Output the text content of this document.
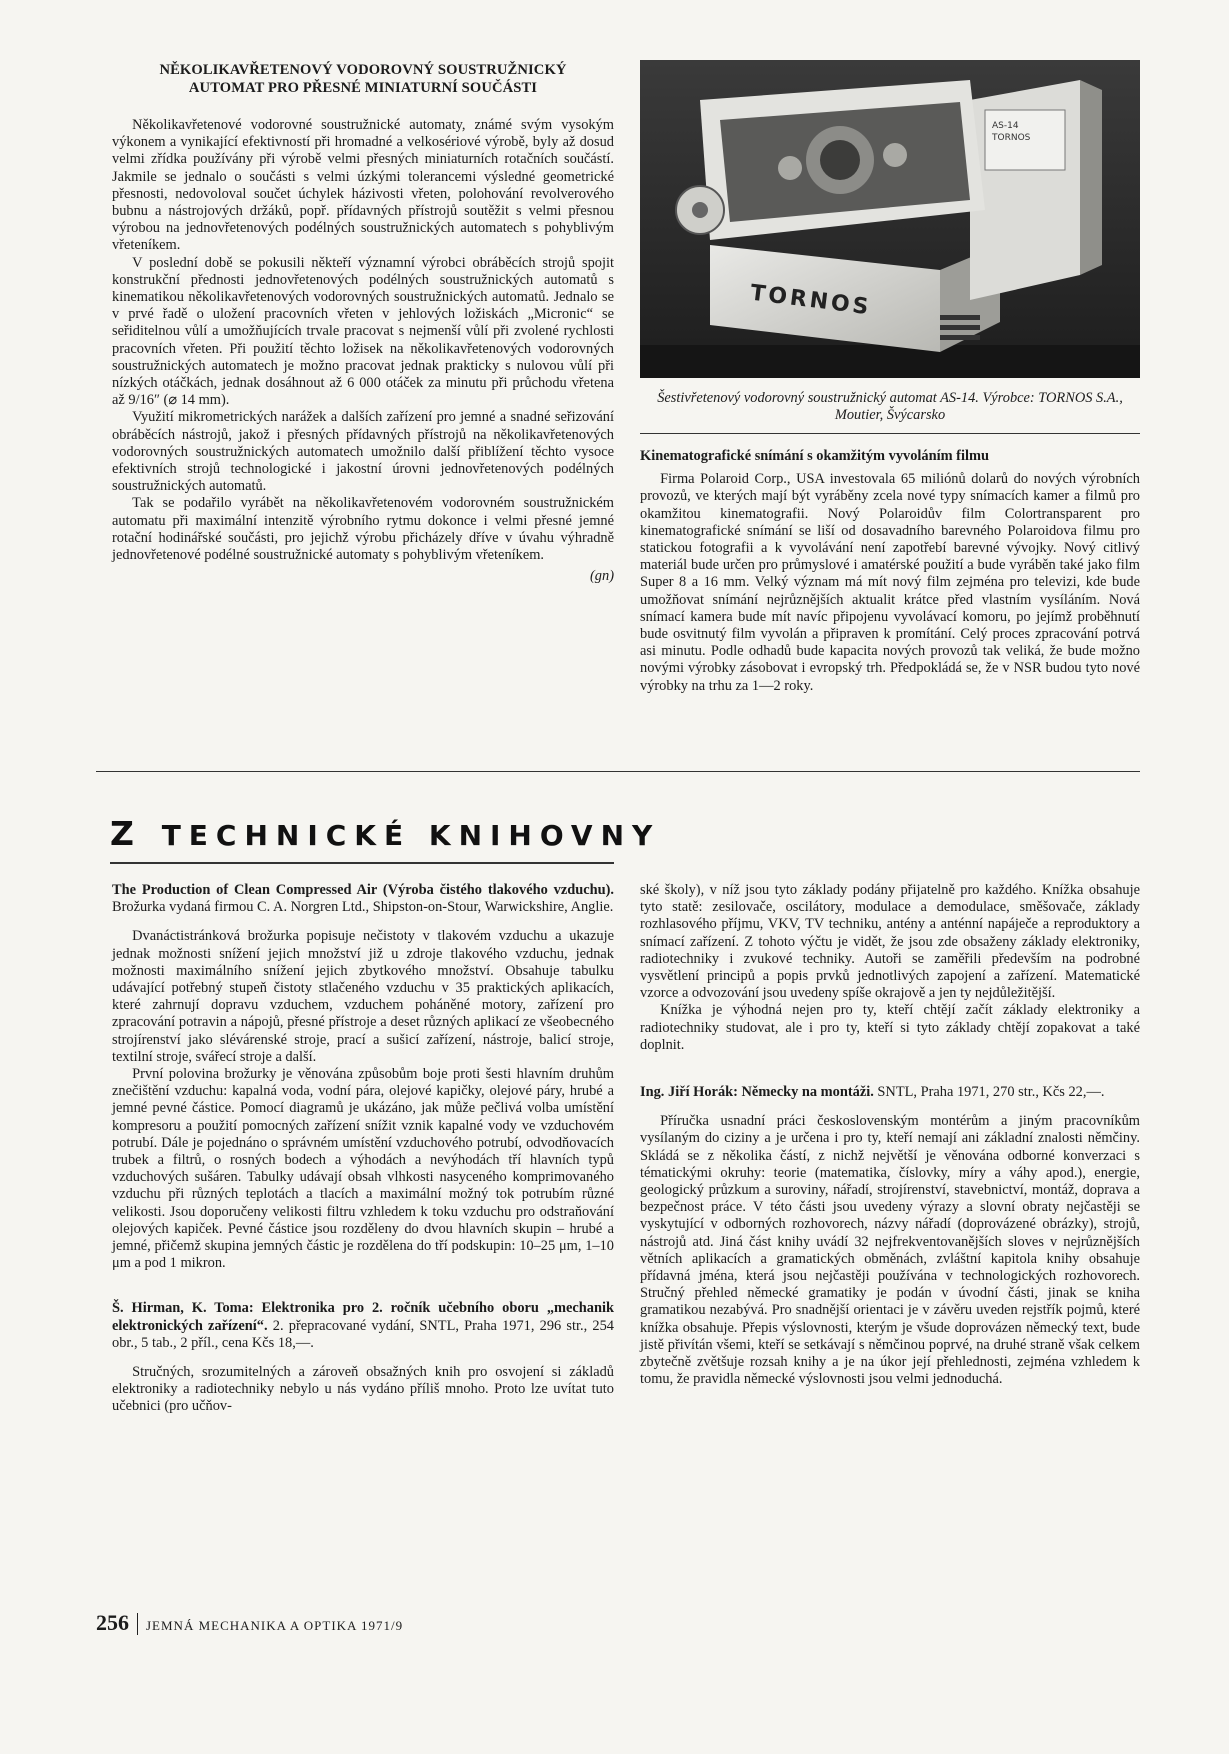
NĚKOLIKAVŘETENOVÝ VODOROVNÝ SOUSTRUŽNICKÝ AUTOMAT PRO PŘESNÉ MINIATURNÍ SOUČÁSTI

Několikavřetenové vodorovné soustružnické automaty, známé svým vysokým výkonem a vynikající efektivností při hromadné a velkosériové výrobě, byly až dosud velmi zřídka používány při výrobě velmi přesných miniaturních rotačních součástí. Jakmile se jednalo o součásti s velmi úzkými tolerancemi výsledné geometrické přesnosti, nedovoloval součet úchylek házivosti vřeten, polohování revolverového bubnu a nástrojových držáků, popř. přídavných přístrojů soutěžit s velmi přesnou výrobou na jednovřetenových podélných soustružnických automatech s pohyblivým vřeteníkem.

V poslední době se pokusili někteří významní výrobci obráběcích strojů spojit konstrukční přednosti jednovřetenových podélných soustružnických automatů s kinematikou několikavřetenových vodorovných soustružnických automatů. Jednalo se v prvé řadě o uložení pracovních vřeten v jehlových ložiskách „Micronic“ se seřiditelnou vůlí a umožňujících trvale pracovat s nejmenší vůlí při zvolené rychlosti pracovních vřeten. Při použití těchto ložisek na několikavřetenových vodorovných soustružnických automatech je možno pracovat jednak prakticky s nulovou vůlí při nízkých otáčkách, jednak dosáhnout až 6 000 otáček za minutu při průchodu vřetena až 9/16″ (⌀ 14 mm).

Využití mikrometrických narážek a dalších zařízení pro jemné a snadné seřizování obráběcích nástrojů, jakož i přesných přídavných přístrojů na několikavřetenových vodorovných soustružnických automatech umožnilo další přiblížení těchto vysoce efektivních strojů technologické i jakostní úrovni jednovřetenových podélných soustružnických automatů.

Tak se podařilo vyrábět na několikavřetenovém vodorovném soustružnickém automatu při maximální intenzitě výrobního rytmu dokonce i velmi přesné jemné rotační hodinářské součásti, pro jejichž výrobu přicházely dříve v úvahu výhradně jednovřetenové podélné soustružnické automaty s pohyblivým vřeteníkem.

(gn)
TORNOS
AS-14 TORNOS
Šestivřetenový vodorovný soustružnický automat AS-14. Výrobce: TORNOS S.A., Moutier, Švýcarsko
Kinematografické snímání s okamžitým vyvoláním filmu

Firma Polaroid Corp., USA investovala 65 miliónů dolarů do nových výrobních provozů, ve kterých mají být vyráběny zcela nové typy snímacích kamer a filmů pro okamžitou kinematografii. Nový Polaroidův film Colortransparent pro kinematografické snímání se liší od dosavadního barevného Polaroidova filmu pro statickou fotografii a k vyvolávání není zapotřebí barevné vývojky. Nový citlivý materiál bude určen pro průmyslové i amatérské použití a bude vyráběn také jako film Super 8 a 16 mm. Velký význam má mít nový film zejména pro televizi, kde bude umožňovat snímání nejrůznějších aktualit krátce před vlastním vysíláním. Nová snímací kamera bude mít navíc připojenu vyvolávací komoru, po jejímž proběhnutí bude osvitnutý film vyvolán a připraven k promítání. Celý proces zpracování potrvá asi minutu. Podle odhadů bude kapacita nových provozů tak veliká, že bude možno novými výrobky zásobovat i evropský trh. Předpokládá se, že v NSR budou tyto nové výrobky na trhu za 1—2 roky.

Z TECHNICKÉ KNIHOVNY
The Production of Clean Compressed Air (Výroba čistého tlakového vzduchu). Brožurka vydaná firmou C. A. Norgren Ltd., Shipston-on-Stour, Warwickshire, Anglie.

Dvanáctistránková brožurka popisuje nečistoty v tlakovém vzduchu a ukazuje jednak možnosti snížení jejich množství již u zdroje tlakového vzduchu, jednak možnosti maximálního snížení jejich zbytkového množství. Obsahuje tabulku udávající potřebný stupeň čistoty stlačeného vzduchu v 35 praktických aplikacích, které zahrnují dopravu vzduchem, vzduchem poháněné motory, zařízení pro zpracování potravin a nápojů, přesné přístroje a deset různých aplikací ze všeobecného strojírenství jako slévárenské stroje, prací a sušicí zařízení, nástroje, balicí stroje, textilní stroje, svářecí stroje a další.

První polovina brožurky je věnována způsobům boje proti šesti hlavním druhům znečištění vzduchu: kapalná voda, vodní pára, olejové kapičky, olejové páry, hrubé a jemné pevné částice. Pomocí diagramů je ukázáno, jak může pečlivá volba umístění kompresoru a použití pomocných zařízení snížit vznik kapalné vody ve vzduchovém potrubí. Dále je pojednáno o správném umístění vzduchového potrubí, odvodňovacích trubek a filtrů, o rosných bodech a výhodách a nevýhodách tří hlavních typů vzduchových sušáren. Tabulky udávají obsah vlhkosti nasyceného komprimovaného vzduchu při různých teplotách a tlacích a maximální možný tok potrubím různé velikosti. Jsou doporučeny velikosti filtru vzhledem k toku vzduchu pro odstraňování olejových kapiček. Pevné částice jsou rozděleny do dvou hlavních skupin – hrubé a jemné, přičemž skupina jemných částic je rozdělena do tří podskupin: 10–25 μm, 1–10 μm a pod 1 mikron.

Š. Hirman, K. Toma: Elektronika pro 2. ročník učebního oboru „mechanik elektronických zařízení“. 2. přepracované vydání, SNTL, Praha 1971, 296 str., 254 obr., 5 tab., 2 příl., cena Kčs 18,—.

Stručných, srozumitelných a zároveň obsažných knih pro osvojení si základů elektroniky a radiotechniky nebylo u nás vydáno příliš mnoho. Proto lze uvítat tuto učebnici (pro učňov-

ské školy), v níž jsou tyto základy podány přijatelně pro každého. Knížka obsahuje tyto statě: zesilovače, oscilátory, modulace a demodulace, směšovače, základy rozhlasového příjmu, VKV, TV techniku, antény a anténní napáječe a reproduktory a snímací zařízení. Z tohoto výčtu je vidět, že jsou zde obsaženy základy elektroniky, radiotechniky i zvukové techniky. Autoři se zaměřili především na podrobné vysvětlení principů a popis prvků jednotlivých zapojení a zařízení. Matematické vzorce a odvozování jsou uvedeny spíše okrajově a jen ty nejdůležitější.

Knížka je výhodná nejen pro ty, kteří chtějí začít základy elektroniky a radiotechniky studovat, ale i pro ty, kteří si tyto základy chtějí zopakovat a také doplnit.

Ing. Jiří Horák: Německy na montáži. SNTL, Praha 1971, 270 str., Kčs 22,—.

Příručka usnadní práci československým montérům a jiným pracovníkům vysílaným do ciziny a je určena i pro ty, kteří nemají ani základní znalosti němčiny. Skládá se z několika částí, z nichž největší je věnována odborné konverzaci s tématickými okruhy: teorie (matematika, číslovky, míry a váhy apod.), energie, geologický průzkum a suroviny, nářadí, strojírenství, stavebnictví, montáž, doprava a bezpečnost práce. V této části jsou uvedeny výrazy a slovní obraty nejčastěji se vyskytující v odborných rozhovorech, názvy nářadí (doprovázené obrázky), strojů, nástrojů atd. Jiná část knihy uvádí 32 nejfrekventovanějších sloves v nejrůznějších větních aplikacích a gramatických obměnách, zvláštní kapitola knihy obsahuje přídavná jména, která jsou nejčastěji používána v technologických rozhovorech. Stručný přehled německé gramatiky je podán v úvodní části, jinak se kniha gramatikou nezabývá. Pro snadnější orientaci je v závěru uveden rejstřík pojmů, které knížka obsahuje. Přepis výslovnosti, kterým je všude doprovázen německý text, bude jistě přivítán všemi, kteří se setkávají s němčinou poprvé, na druhé straně však celkem zbytečně zvětšuje rozsah knihy a je na úkor její přehlednosti, zejména vzhledem k tomu, že pravidla německé výslovnosti jsou velmi jednoduchá.

256 JEMNÁ MECHANIKA A OPTIKA 1971/9
